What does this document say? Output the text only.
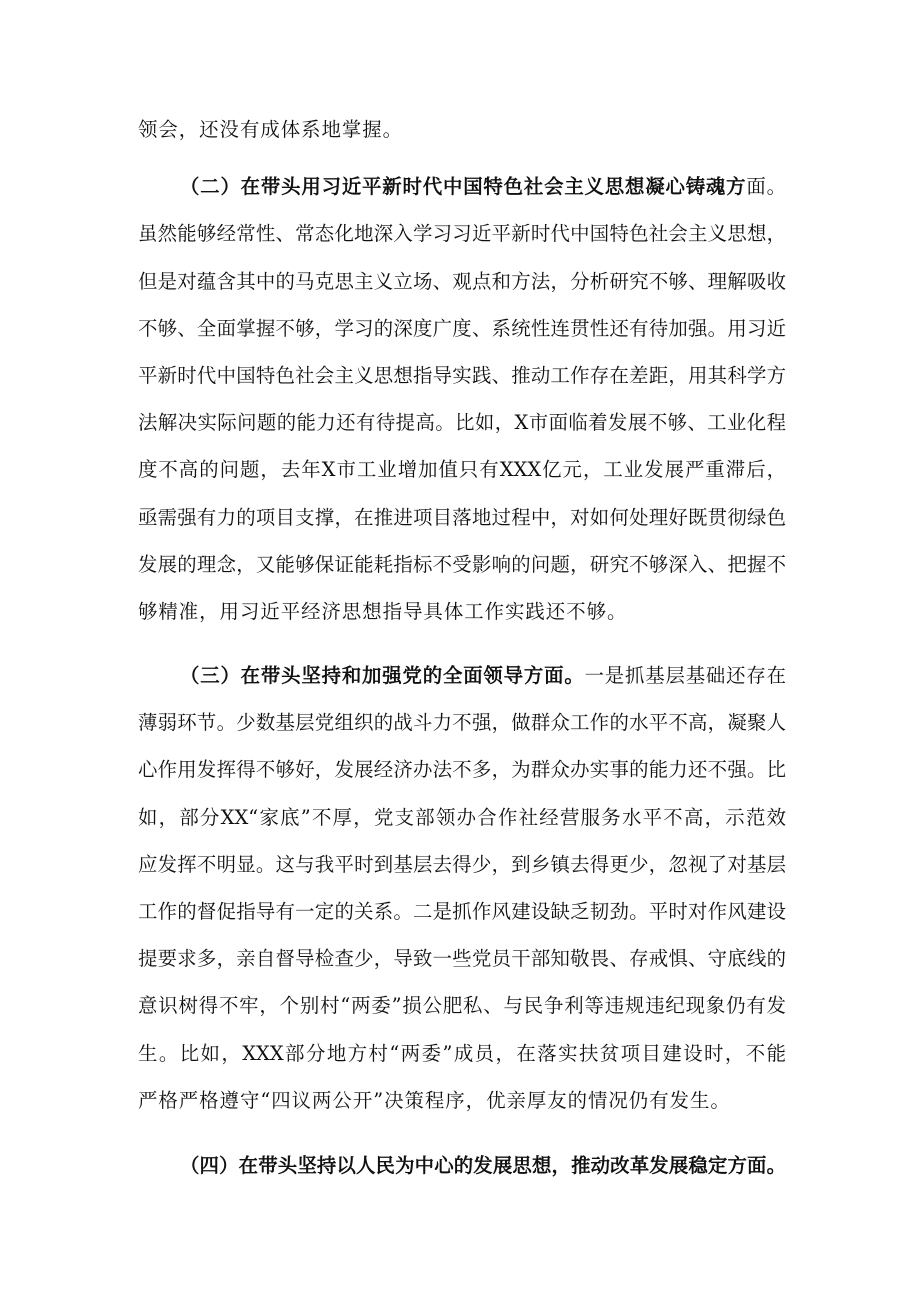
领会，还没有成体系地掌握。
（二）在带头用习近平新时代中国特色社会主义思想凝心铸魂方面。
虽然能够经常性、常态化地深入学习习近平新时代中国特色社会主义思想，
但是对蕴含其中的马克思主义立场、观点和方法，分析研究不够、理解吸收
不够、全面掌握不够，学习的深度广度、系统性连贯性还有待加强。用习近
平新时代中国特色社会主义思想指导实践、推动工作存在差距，用其科学方
法解决实际问题的能力还有待提高。比如，X市面临着发展不够、工业化程
度不高的问题，去年X市工业增加值只有XXX亿元，工业发展严重滞后，
亟需强有力的项目支撑，在推进项目落地过程中，对如何处理好既贯彻绿色
发展的理念，又能够保证能耗指标不受影响的问题，研究不够深入、把握不
够精准，用习近平经济思想指导具体工作实践还不够。
（三）在带头坚持和加强党的全面领导方面。一是抓基层基础还存在
薄弱环节。少数基层党组织的战斗力不强，做群众工作的水平不高，凝聚人
心作用发挥得不够好，发展经济办法不多，为群众办实事的能力还不强。比
如，部分XX“家底”不厚，党支部领办合作社经营服务水平不高，示范效
应发挥不明显。这与我平时到基层去得少，到乡镇去得更少，忽视了对基层
工作的督促指导有一定的关系。二是抓作风建设缺乏韧劲。平时对作风建设
提要求多，亲自督导检查少，导致一些党员干部知敬畏、存戒惧、守底线的
意识树得不牢，个别村“两委”损公肥私、与民争利等违规违纪现象仍有发
生。比如，XXX部分地方村“两委”成员，在落实扶贫项目建设时，不能
严格严格遵守“四议两公开”决策程序，优亲厚友的情况仍有发生。
（四）在带头坚持以人民为中心的发展思想，推动改革发展稳定方面。
